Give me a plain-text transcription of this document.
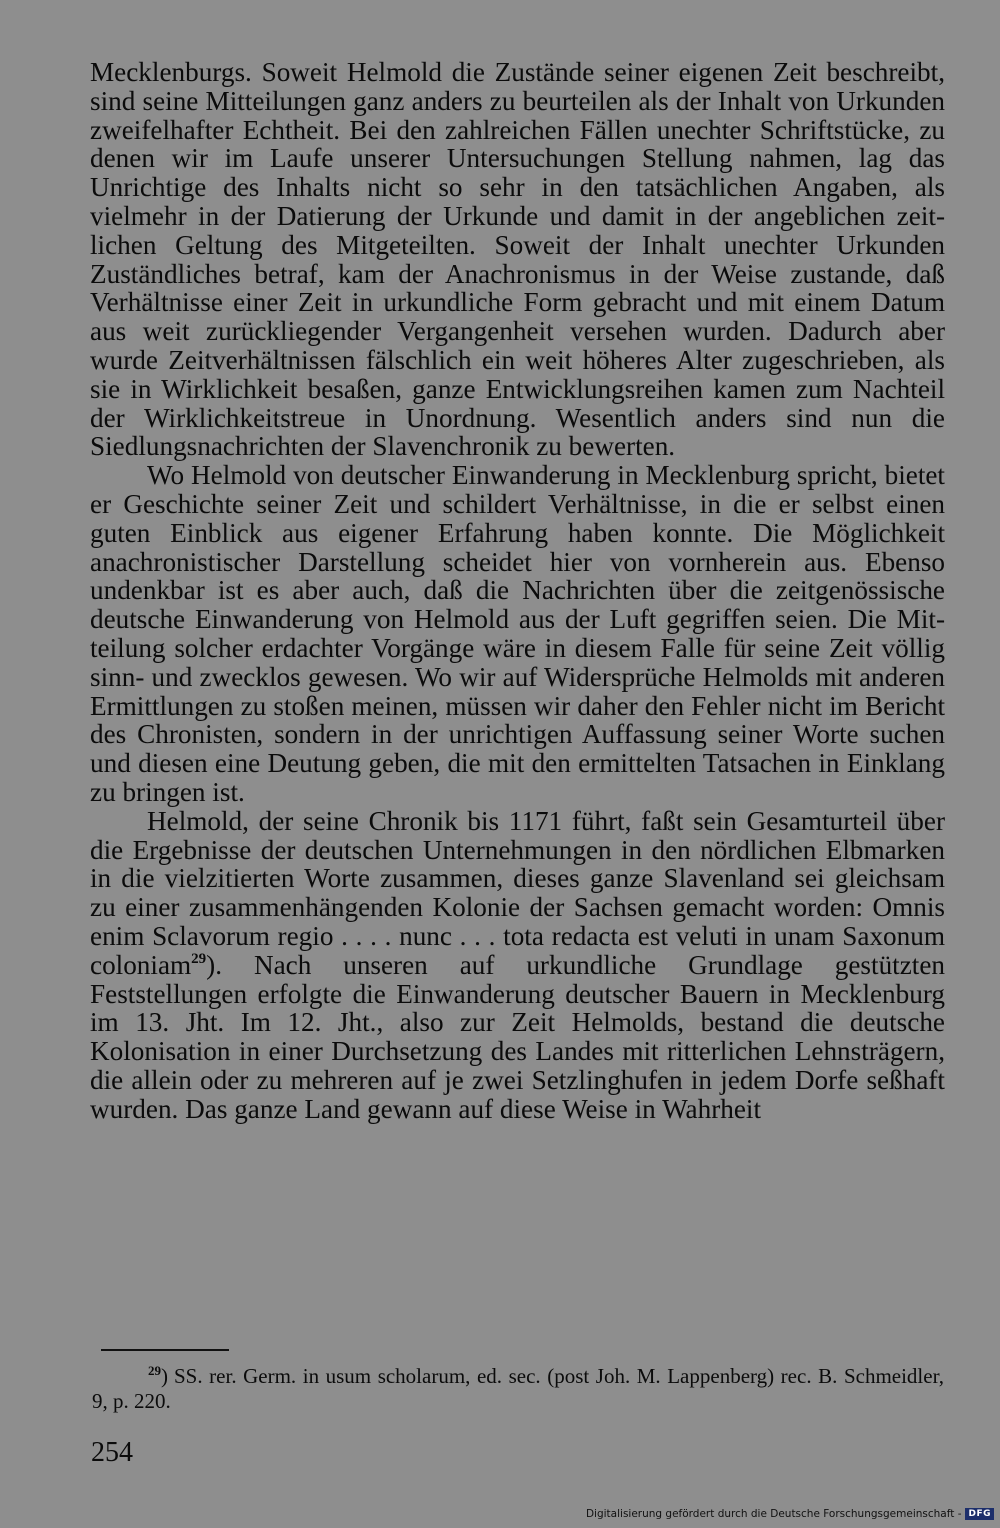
Mecklenburgs. Soweit Helmold die Zustände seiner eigenen Zeit beschreibt, sind seine Mitteilungen ganz anders zu beurteilen als der Inhalt von Urkunden zweifelhafter Echtheit. Bei den zahlreichen Fällen unechter Schriftstücke, zu denen wir im Laufe unserer Untersuchungen Stellung nahmen, lag das Unrichtige des Inhalts nicht so sehr in den tatsächlichen Angaben, als vielmehr in der Datierung der Urkunde und damit in der angeblichen zeitlichen Geltung des Mitgeteilten. Soweit der Inhalt unechter Urkunden Zuständliches betraf, kam der Anachronismus in der Weise zustande, daß Verhältnisse einer Zeit in urkundliche Form gebracht und mit einem Datum aus weit zurückliegender Vergangenheit versehen wurden. Dadurch aber wurde Zeitverhältnissen fälschlich ein weit höheres Alter zugeschrieben, als sie in Wirklichkeit besaßen, ganze Entwicklungsreihen kamen zum Nachteil der Wirklichkeitstreue in Unordnung. Wesentlich anders sind nun die Siedlungsnachrichten der Slavenchronik zu bewerten.

Wo Helmold von deutscher Einwanderung in Mecklenburg spricht, bietet er Geschichte seiner Zeit und schildert Verhältnisse, in die er selbst einen guten Einblick aus eigener Erfahrung haben konnte. Die Möglichkeit anachronistischer Darstellung scheidet hier von vornherein aus. Ebenso undenkbar ist es aber auch, daß die Nachrichten über die zeitgenössische deutsche Einwanderung von Helmold aus der Luft gegriffen seien. Die Mitteilung solcher erdachter Vorgänge wäre in diesem Falle für seine Zeit völlig sinn- und zwecklos gewesen. Wo wir auf Widersprüche Helmolds mit anderen Ermittlungen zu stoßen meinen, müssen wir daher den Fehler nicht im Bericht des Chronisten, sondern in der unrichtigen Auffassung seiner Worte suchen und diesen eine Deutung geben, die mit den ermittelten Tatsachen in Einklang zu bringen ist.

Helmold, der seine Chronik bis 1171 führt, faßt sein Gesamturteil über die Ergebnisse der deutschen Unternehmungen in den nördlichen Elbmarken in die vielzitierten Worte zusammen, dieses ganze Slavenland sei gleichsam zu einer zusammenhängenden Kolonie der Sachsen gemacht worden: Omnis enim Sclavorum regio . . . . nunc . . . tota redacta est veluti in unam Saxonum coloniam$^{29}$). Nach unseren auf urkundliche Grundlage gestützten Feststellungen erfolgte die Einwanderung deutscher Bauern in Mecklenburg im 13. Jht. Im 12. Jht., also zur Zeit Helmolds, bestand die deutsche Kolonisation in einer Durchsetzung des Landes mit ritterlichen Lehnsträgern, die allein oder zu mehreren auf je zwei Setzlinghufen in jedem Dorfe seßhaft wurden. Das ganze Land gewann auf diese Weise in Wahrheit

$^{29}$) SS. rer. Germ. in usum scholarum, ed. sec. (post Joh. M. Lappenberg) rec. B. Schmeidler, 9, p. 220.
254
Digitalisierung gefördert durch die Deutsche Forschungsgemeinschaft - DFG
